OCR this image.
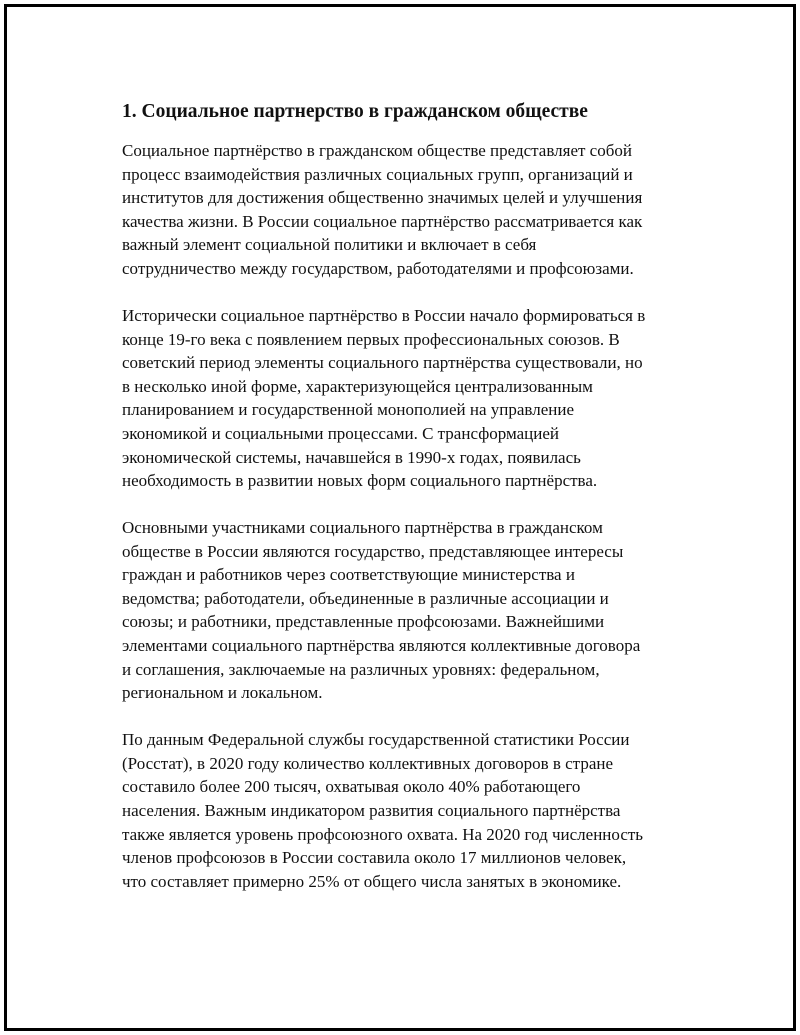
1. Социальное партнерство в гражданском обществе
Социальное партнёрство в гражданском обществе представляет собой
процесс взаимодействия различных социальных групп, организаций и
институтов для достижения общественно значимых целей и улучшения
качества жизни. В России социальное партнёрство рассматривается как
важный элемент социальной политики и включает в себя
сотрудничество между государством, работодателями и профсоюзами.
Исторически социальное партнёрство в России начало формироваться в
конце 19-го века с появлением первых профессиональных союзов. В
советский период элементы социального партнёрства существовали, но
в несколько иной форме, характеризующейся централизованным
планированием и государственной монополией на управление
экономикой и социальными процессами. С трансформацией
экономической системы, начавшейся в 1990-х годах, появилась
необходимость в развитии новых форм социального партнёрства.
Основными участниками социального партнёрства в гражданском
обществе в России являются государство, представляющее интересы
граждан и работников через соответствующие министерства и
ведомства; работодатели, объединенные в различные ассоциации и
союзы; и работники, представленные профсоюзами. Важнейшими
элементами социального партнёрства являются коллективные договора
и соглашения, заключаемые на различных уровнях: федеральном,
региональном и локальном.
По данным Федеральной службы государственной статистики России
(Росстат), в 2020 году количество коллективных договоров в стране
составило более 200 тысяч, охватывая около 40% работающего
населения. Важным индикатором развития социального партнёрства
также является уровень профсоюзного охвата. На 2020 год численность
членов профсоюзов в России составила около 17 миллионов человек,
что составляет примерно 25% от общего числа занятых в экономике.
